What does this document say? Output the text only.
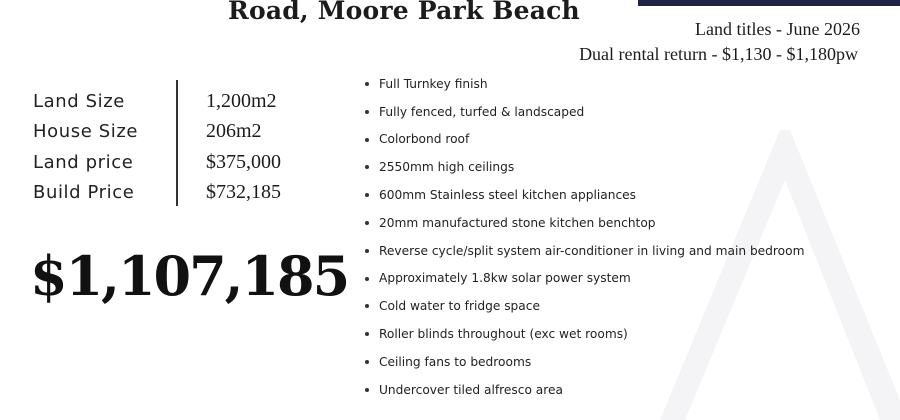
Road, Moore Park Beach
Land titles - June 2026
Dual rental return - $1,130 - $1,180pw
Land Size	1,200m2
House Size	206m2
Land price	$375,000
Build Price	$732,185
$1,107,185
Full Turnkey finish
Fully fenced, turfed & landscaped
Colorbond roof
2550mm high ceilings
600mm Stainless steel kitchen appliances
20mm manufactured stone kitchen benchtop
Reverse cycle/split system air-conditioner in living and main bedroom
Approximately 1.8kw solar power system
Cold water to fridge space
Roller blinds throughout (exc wet rooms)
Ceiling fans to bedrooms
Undercover tiled alfresco area
